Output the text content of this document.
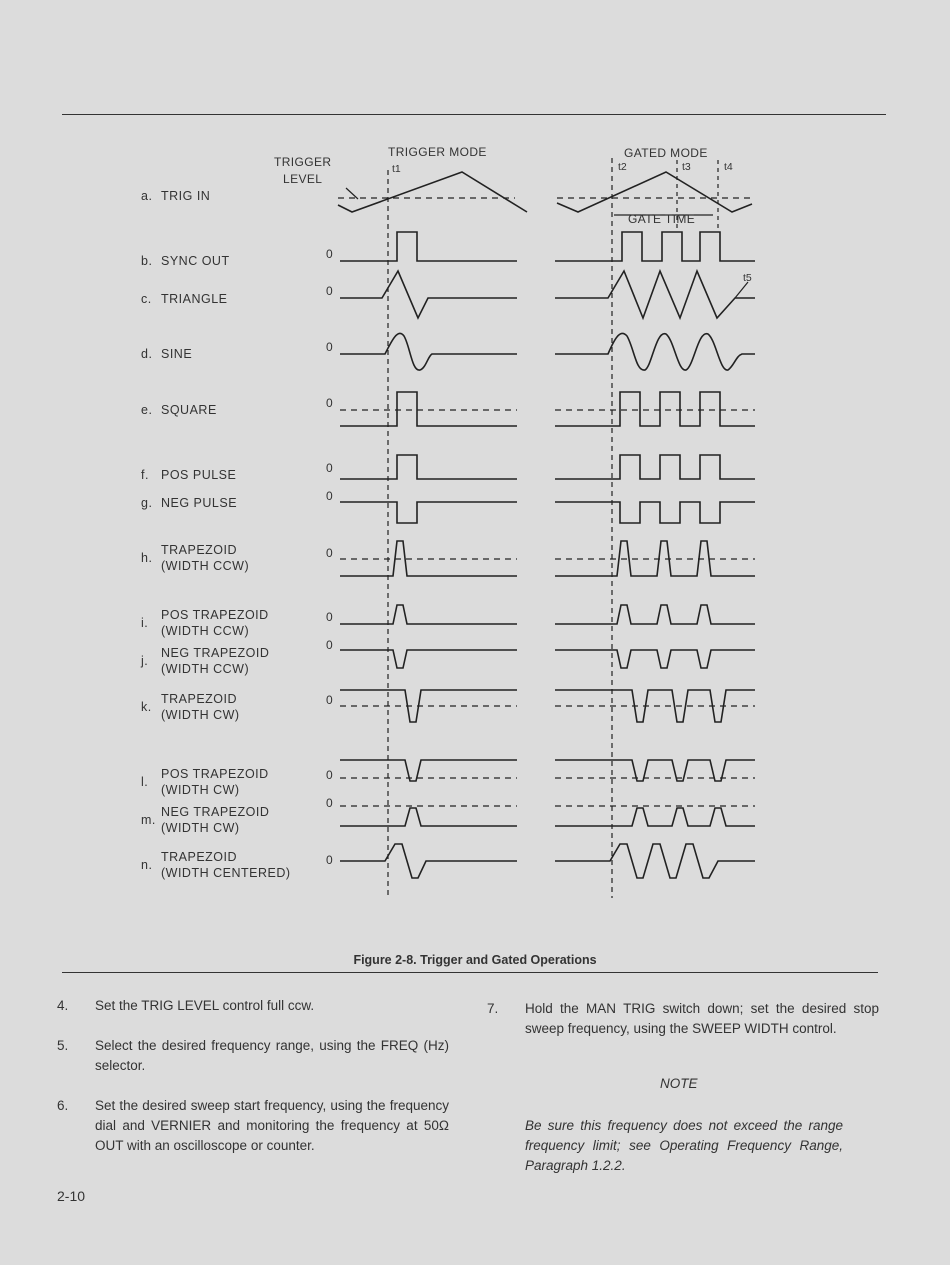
TRIGGER MODE	GATED MODE
TRIGGER
LEVEL
GATE TIME
t1	t2	t3	t4
t5
a. TRIG IN
b. SYNC OUT	0
c. TRIANGLE
0
d. SINE	0
e. SQUARE	0
f. POS PULSE	0
g. NEG PULSE	0
h.
TRAPEZOID
(WIDTH CCW)
0
i.
POS TRAPEZOID
(WIDTH CCW)
0
j.
NEG TRAPEZOID
(WIDTH CCW)
0
k.
TRAPEZOID
(WIDTH CW)
0
l.
POS TRAPEZOID
(WIDTH CW)
0
m.
NEG TRAPEZOID
(WIDTH CW)
0
n.
TRAPEZOID
(WIDTH CENTERED)
0
Figure 2-8. Trigger and Gated Operations
4. Set the TRIG LEVEL control full ccw.
5. Select the desired frequency range, using the FREQ (Hz) selector.
6. Set the desired sweep start frequency, using the frequency dial and VERNIER and monitoring the frequency at 50Ω OUT with an oscilloscope or counter.
7. Hold the MAN TRIG switch down; set the desired stop sweep frequency, using the SWEEP WIDTH control.
NOTE
Be sure this frequency does not exceed the range frequency limit; see Operating Frequency Range, Paragraph 1.2.2.
2-10
